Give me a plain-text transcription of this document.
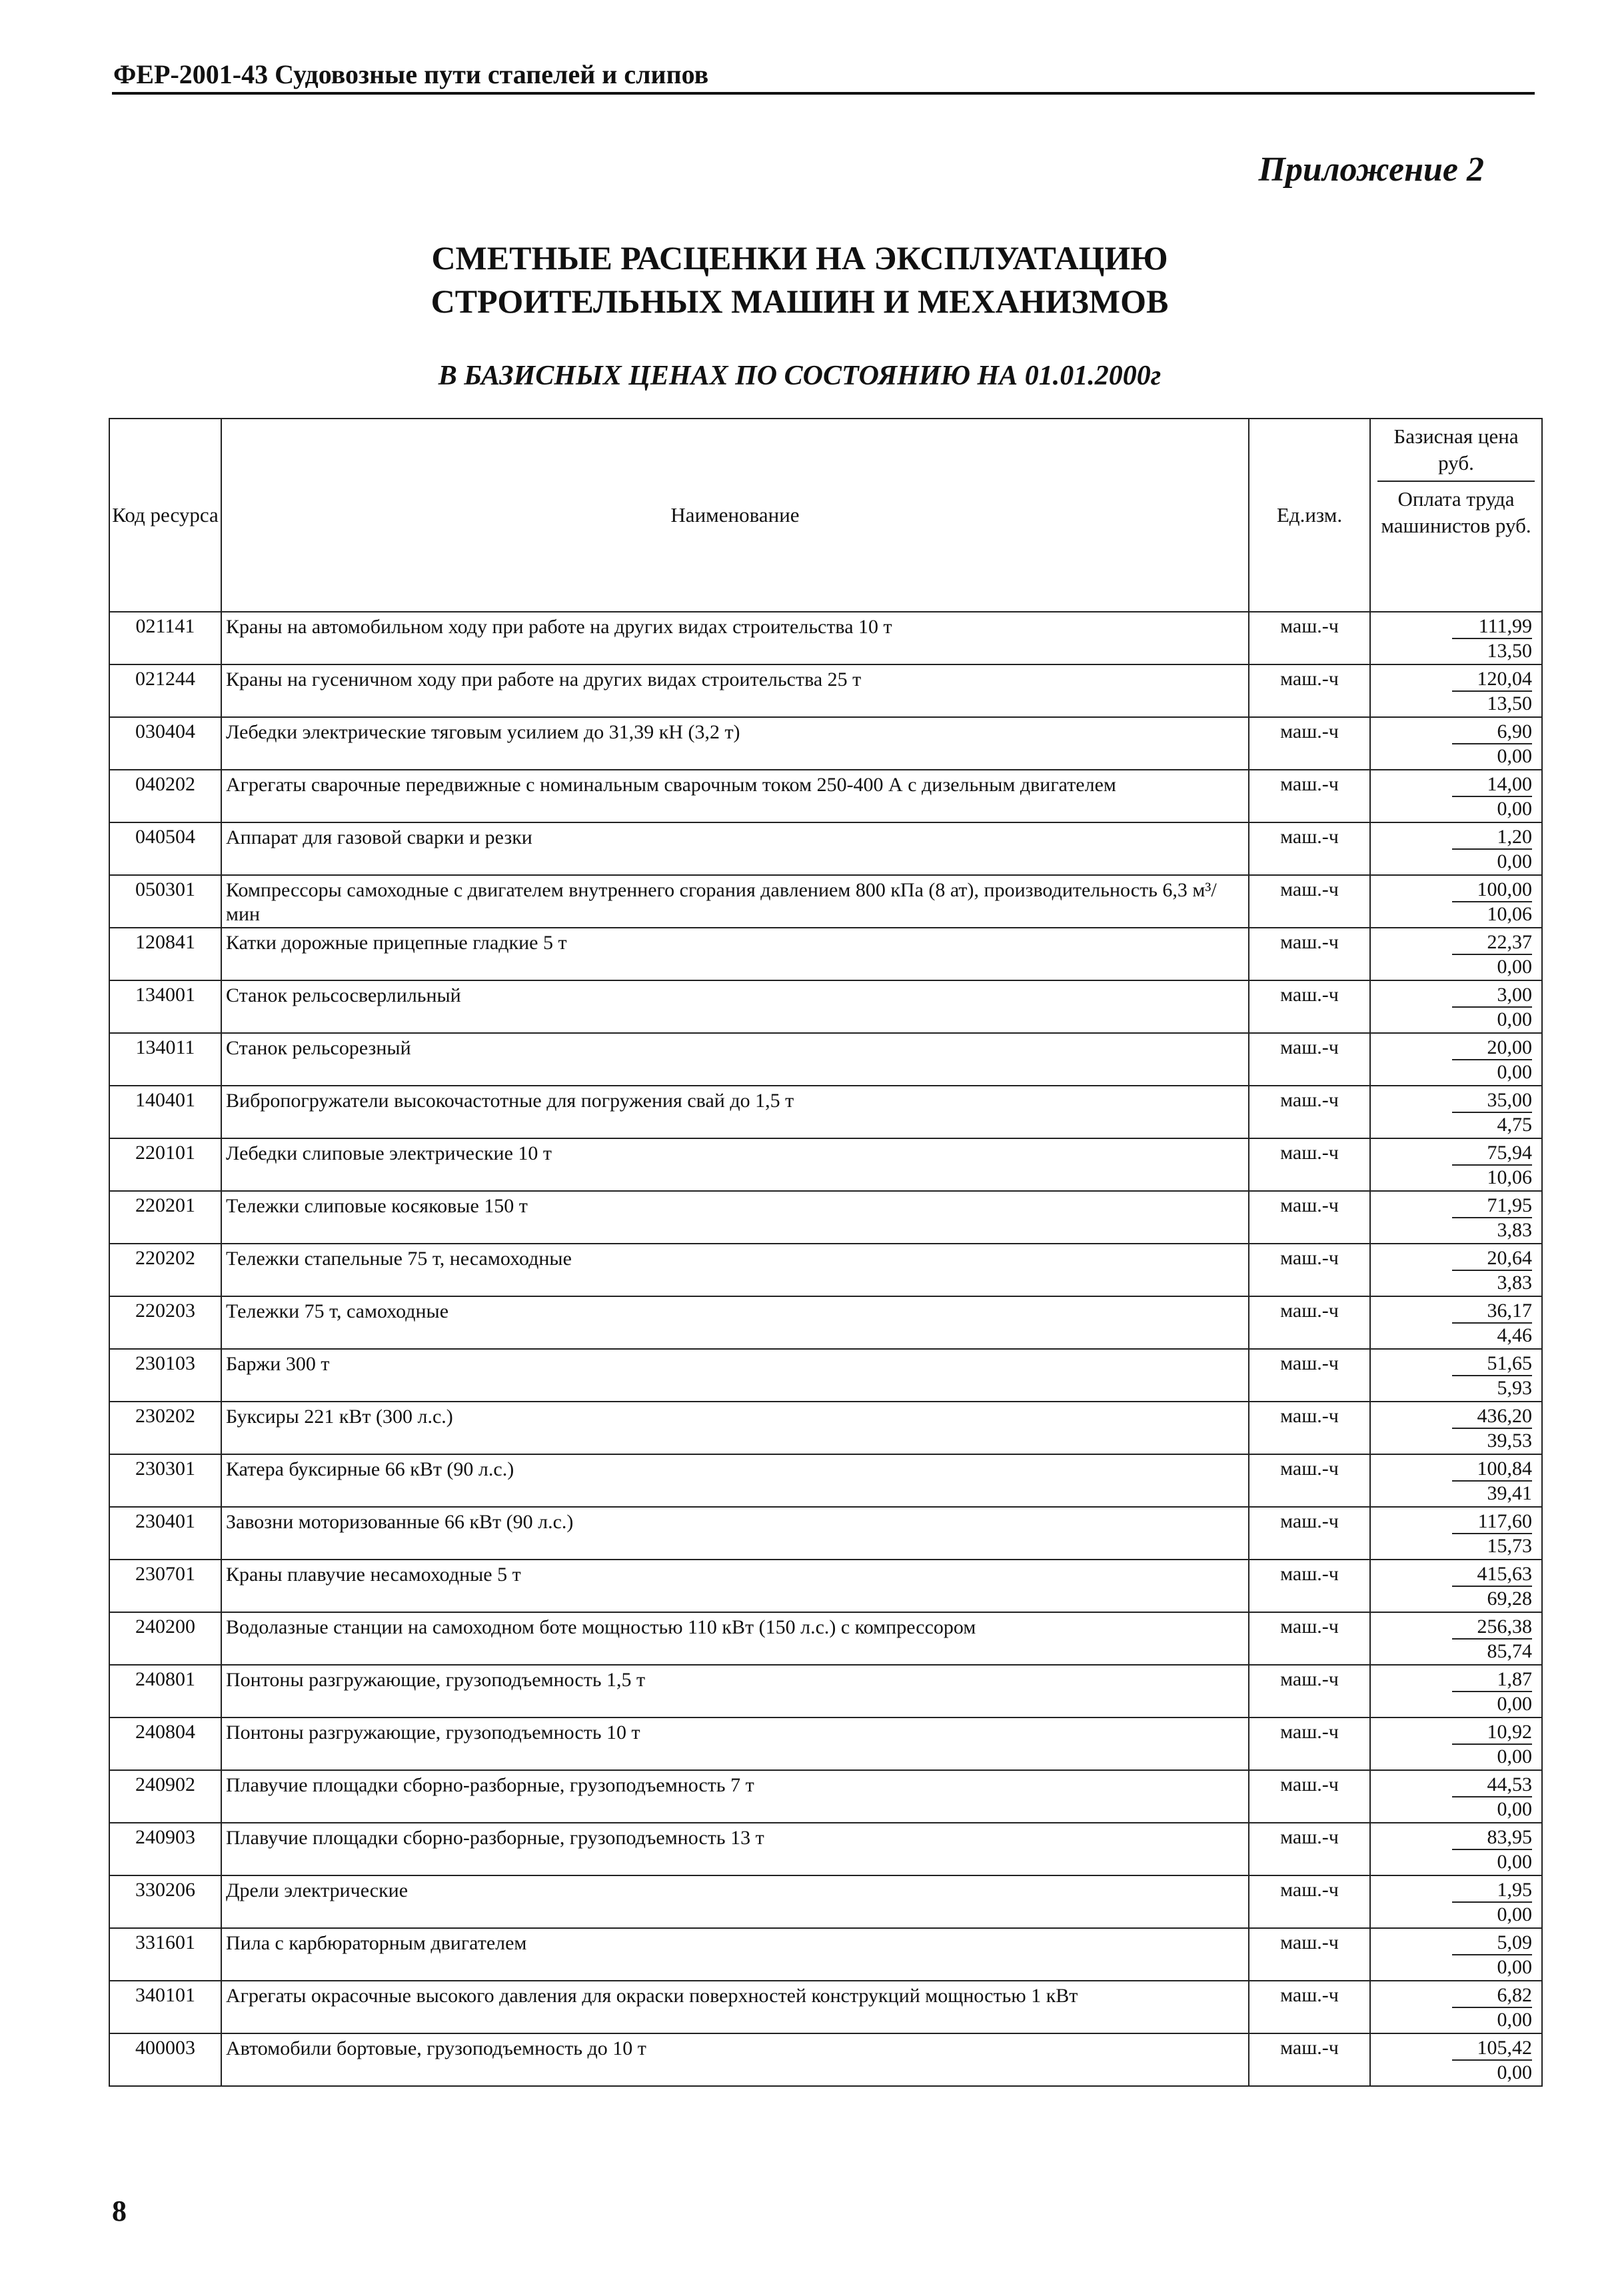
ФЕР-2001-43 Судовозные пути стапелей и слипов
Приложение 2
СМЕТНЫЕ РАСЦЕНКИ НА ЭКСПЛУАТАЦИЮ
СТРОИТЕЛЬНЫХ МАШИН И МЕХАНИЗМОВ
В БАЗИСНЫХ ЦЕНАХ ПО СОСТОЯНИЮ НА 01.01.2000г
Код ресурса	Наименование	Ед.изм.	Базисная цена руб.
Оплата труда машинистов руб.

021141	Краны на автомобильном ходу при работе на других видах строительства 10 т	маш.-ч	111,99
13,50

021244	Краны на гусеничном ходу при работе на других видах строительства 25 т	маш.-ч	120,04
13,50

030404	Лебедки электрические тяговым усилием до 31,39 кН (3,2 т)	маш.-ч	6,90
0,00

040202	Агрегаты сварочные передвижные с номинальным сварочным током 250-400 А с дизельным двигателем	маш.-ч	14,00
0,00

040504	Аппарат для газовой сварки и резки	маш.-ч	1,20
0,00

050301	Компрессоры самоходные с двигателем внутреннего сгорания давлением 800 кПа (8 ат), производительность 6,3 м³/мин	маш.-ч	100,00
10,06

120841	Катки дорожные прицепные гладкие 5 т	маш.-ч	22,37
0,00

134001	Станок рельсосверлильный	маш.-ч	3,00
0,00

134011	Станок рельсорезный	маш.-ч	20,00
0,00

140401	Вибропогружатели высокочастотные для погружения свай до 1,5 т	маш.-ч	35,00
4,75

220101	Лебедки слиповые электрические 10 т	маш.-ч	75,94
10,06

220201	Тележки слиповые косяковые 150 т	маш.-ч	71,95
3,83

220202	Тележки стапельные 75 т, несамоходные	маш.-ч	20,64
3,83

220203	Тележки 75 т, самоходные	маш.-ч	36,17
4,46

230103	Баржи 300 т	маш.-ч	51,65
5,93

230202	Буксиры 221 кВт (300 л.с.)	маш.-ч	436,20
39,53

230301	Катера буксирные 66 кВт (90 л.с.)	маш.-ч	100,84
39,41

230401	Завозни моторизованные 66 кВт (90 л.с.)	маш.-ч	117,60
15,73

230701	Краны плавучие несамоходные 5 т	маш.-ч	415,63
69,28

240200	Водолазные станции на самоходном боте мощностью 110 кВт (150 л.с.) с компрессором	маш.-ч	256,38
85,74

240801	Понтоны разгружающие, грузоподъемность 1,5 т	маш.-ч	1,87
0,00

240804	Понтоны разгружающие, грузоподъемность 10 т	маш.-ч	10,92
0,00

240902	Плавучие площадки сборно-разборные, грузоподъемность 7 т	маш.-ч	44,53
0,00

240903	Плавучие площадки сборно-разборные, грузоподъемность 13 т	маш.-ч	83,95
0,00

330206	Дрели электрические	маш.-ч	1,95
0,00

331601	Пила с карбюраторным двигателем	маш.-ч	5,09
0,00

340101	Агрегаты окрасочные высокого давления для окраски поверхностей конструкций мощностью 1 кВт	маш.-ч	6,82
0,00

400003	Автомобили бортовые, грузоподъемность до 10 т	маш.-ч	105,42
0,00
8
